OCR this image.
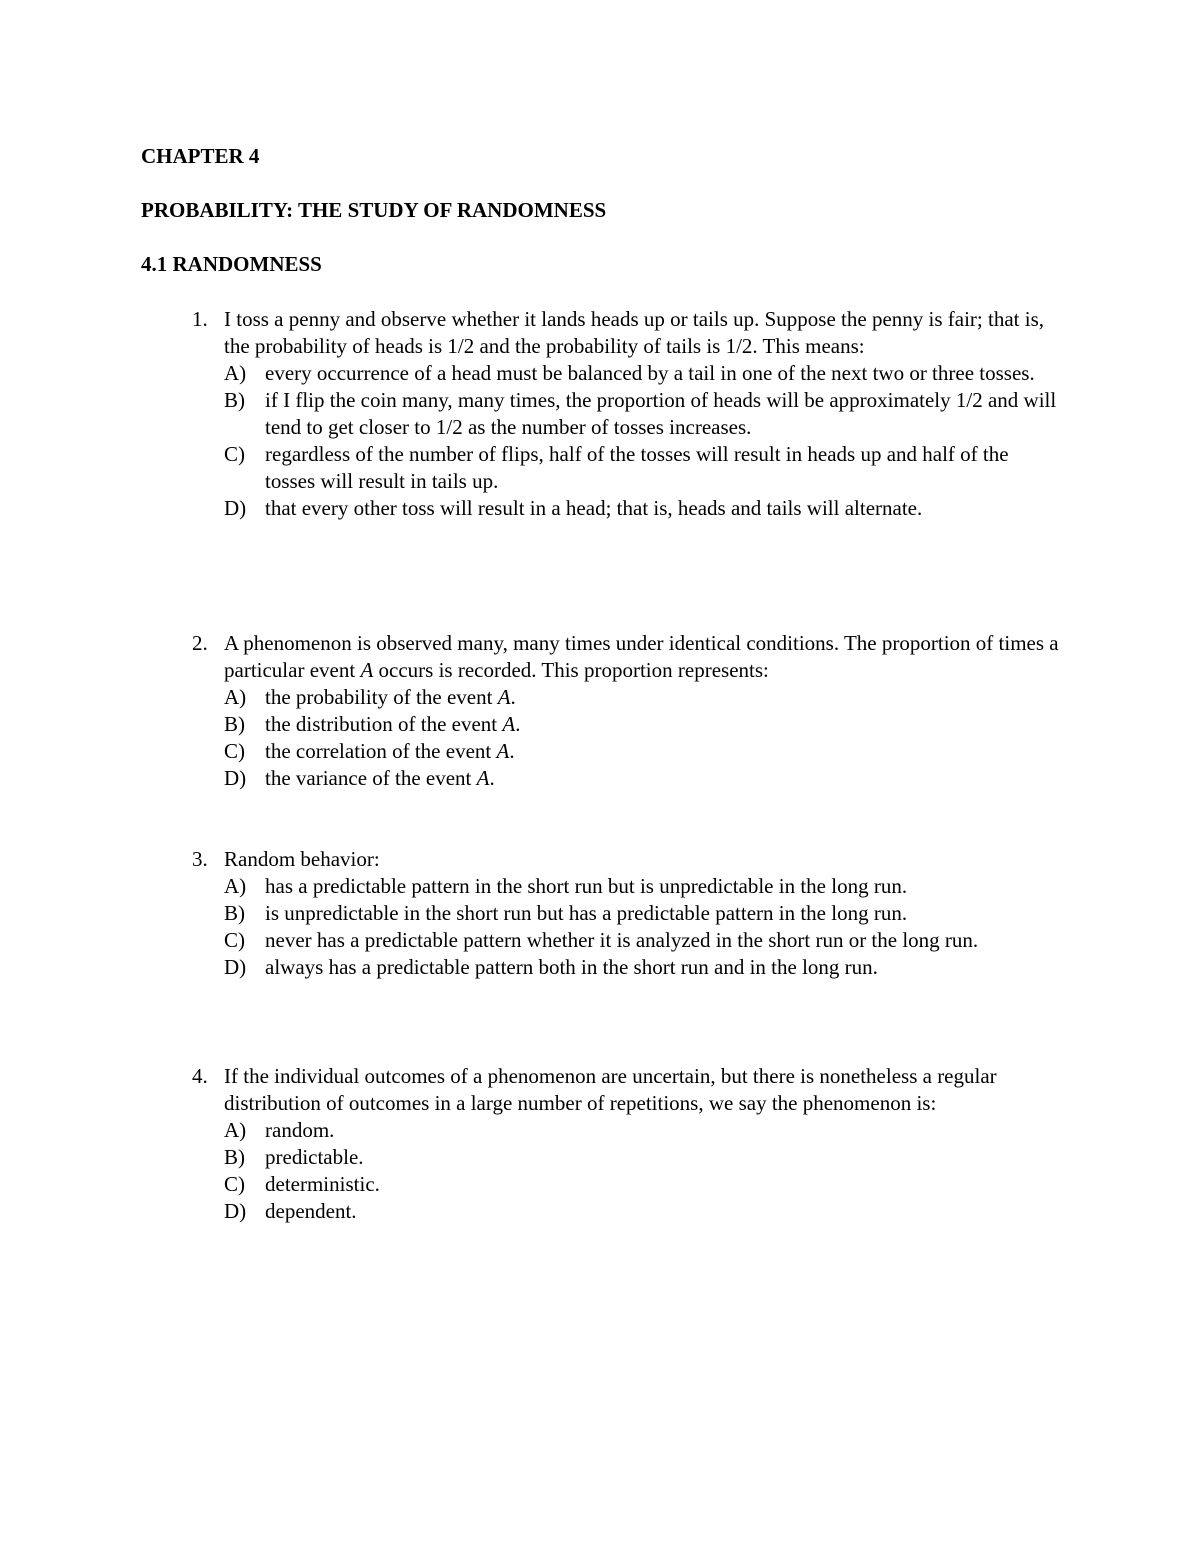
CHAPTER 4
PROBABILITY: THE STUDY OF RANDOMNESS
4.1 RANDOMNESS
1. I toss a penny and observe whether it lands heads up or tails up. Suppose the penny is fair; that is, the probability of heads is 1/2 and the probability of tails is 1/2. This means:
A) every occurrence of a head must be balanced by a tail in one of the next two or three tosses.
B) if I flip the coin many, many times, the proportion of heads will be approximately 1/2 and will tend to get closer to 1/2 as the number of tosses increases.
C) regardless of the number of flips, half of the tosses will result in heads up and half of the tosses will result in tails up.
D) that every other toss will result in a head; that is, heads and tails will alternate.
2. A phenomenon is observed many, many times under identical conditions. The proportion of times a particular event A occurs is recorded. This proportion represents:
A) the probability of the event A.
B) the distribution of the event A.
C) the correlation of the event A.
D) the variance of the event A.
3. Random behavior:
A) has a predictable pattern in the short run but is unpredictable in the long run.
B) is unpredictable in the short run but has a predictable pattern in the long run.
C) never has a predictable pattern whether it is analyzed in the short run or the long run.
D) always has a predictable pattern both in the short run and in the long run.
4. If the individual outcomes of a phenomenon are uncertain, but there is nonetheless a regular distribution of outcomes in a large number of repetitions, we say the phenomenon is:
A) random.
B) predictable.
C) deterministic.
D) dependent.
